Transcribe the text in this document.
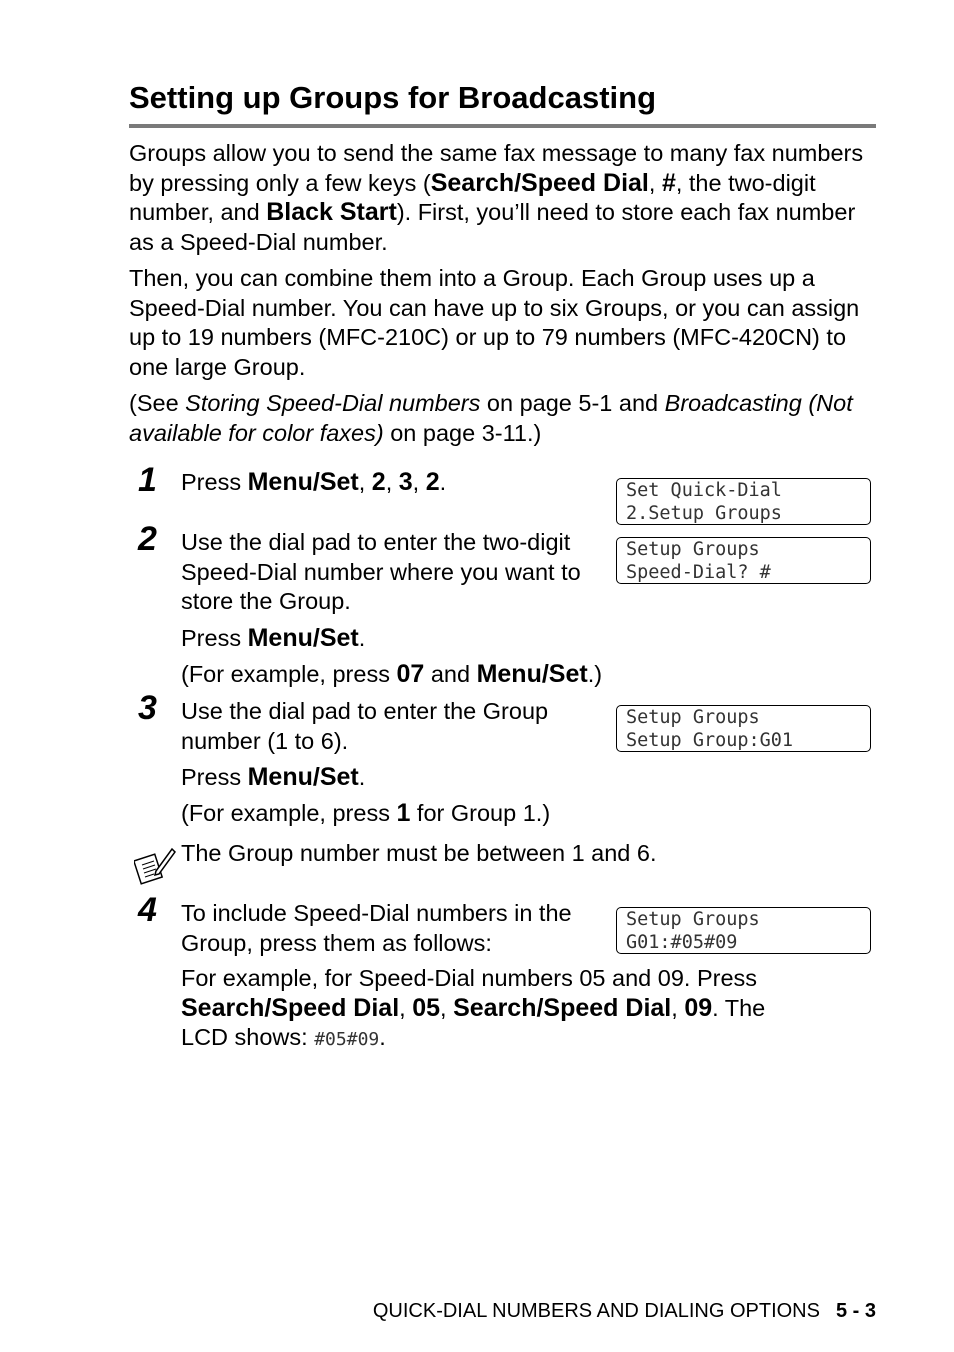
Setting up Groups for Broadcasting

Groups allow you to send the same fax message to many fax numbers by pressing only a few keys (Search/Speed Dial, #, the two-digit number, and Black Start). First, you’ll need to store each fax number as a Speed-Dial number.

Then, you can combine them into a Group. Each Group uses up a Speed-Dial number. You can have up to six Groups, or you can assign up to 19 numbers (MFC-210C) or up to 79 numbers (MFC-420CN) to one large Group.

(See Storing Speed-Dial numbers on page 5-1 and Broadcasting (Not available for color faxes) on page 3-11.)

1 Press Menu/Set, 2, 3, 2.	Set Quick-Dial
2.Setup Groups
2 Use the dial pad to enter the two-digit Speed-Dial number where you want to store the Group.

Press Menu/Set.

(For example, press 07 and Menu/Set.)

Setup Groups
Speed-Dial? #
3 Use the dial pad to enter the Group number (1 to 6).

Press Menu/Set.

(For example, press 1 for Group 1.)

Setup Groups
Setup Group:G01

The Group number must be between 1 and 6.

4 To include Speed-Dial numbers in the Group, press them as follows:

For example, for Speed-Dial numbers 05 and 09. Press Search/Speed Dial, 05, Search/Speed Dial, 09. The LCD shows: #05#09.

Setup Groups
G01:#05#09
QUICK-DIAL NUMBERS AND DIALING OPTIONS 5 - 3
